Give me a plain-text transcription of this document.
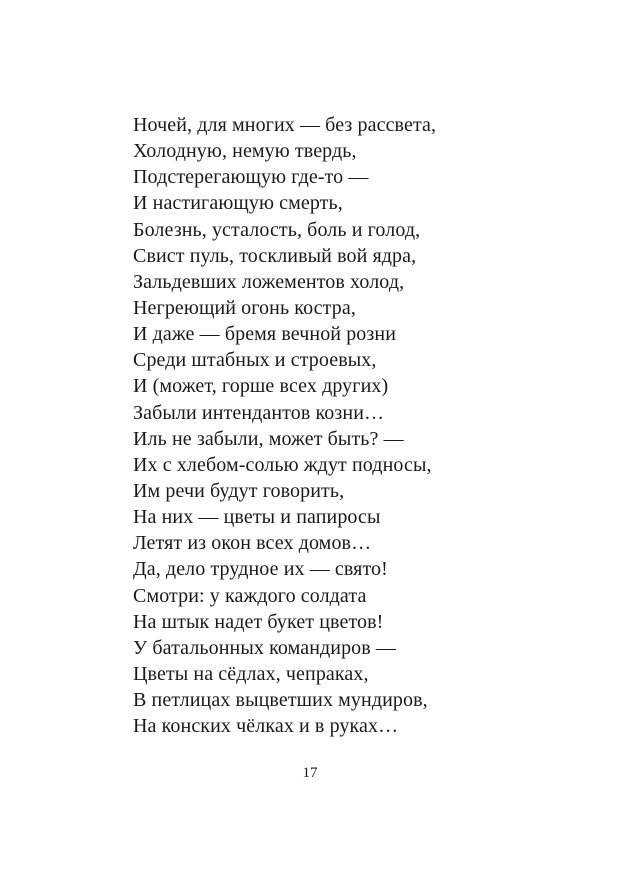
Ночей, для многих — без рассвета,
Холодную, немую твердь,
Подстерегающую где-то —
И настигающую смерть,
Болезнь, усталость, боль и голод,
Свист пуль, тоскливый вой ядра,
Зальдевших ложементов холод,
Негреющий огонь костра,
И даже — бремя вечной розни
Среди штабных и строевых,
И (может, горше всех других)
Забыли интендантов козни…
Иль не забыли, может быть? —
Их с хлебом-солью ждут подносы,
Им речи будут говорить,
На них — цветы и папиросы
Летят из окон всех домов…
Да, дело трудное их — свято!
Смотри: у каждого солдата
На штык надет букет цветов!
У батальонных командиров —
Цветы на сёдлах, чепраках,
В петлицах выцветших мундиров,
На конских чёлках и в руках…
17
